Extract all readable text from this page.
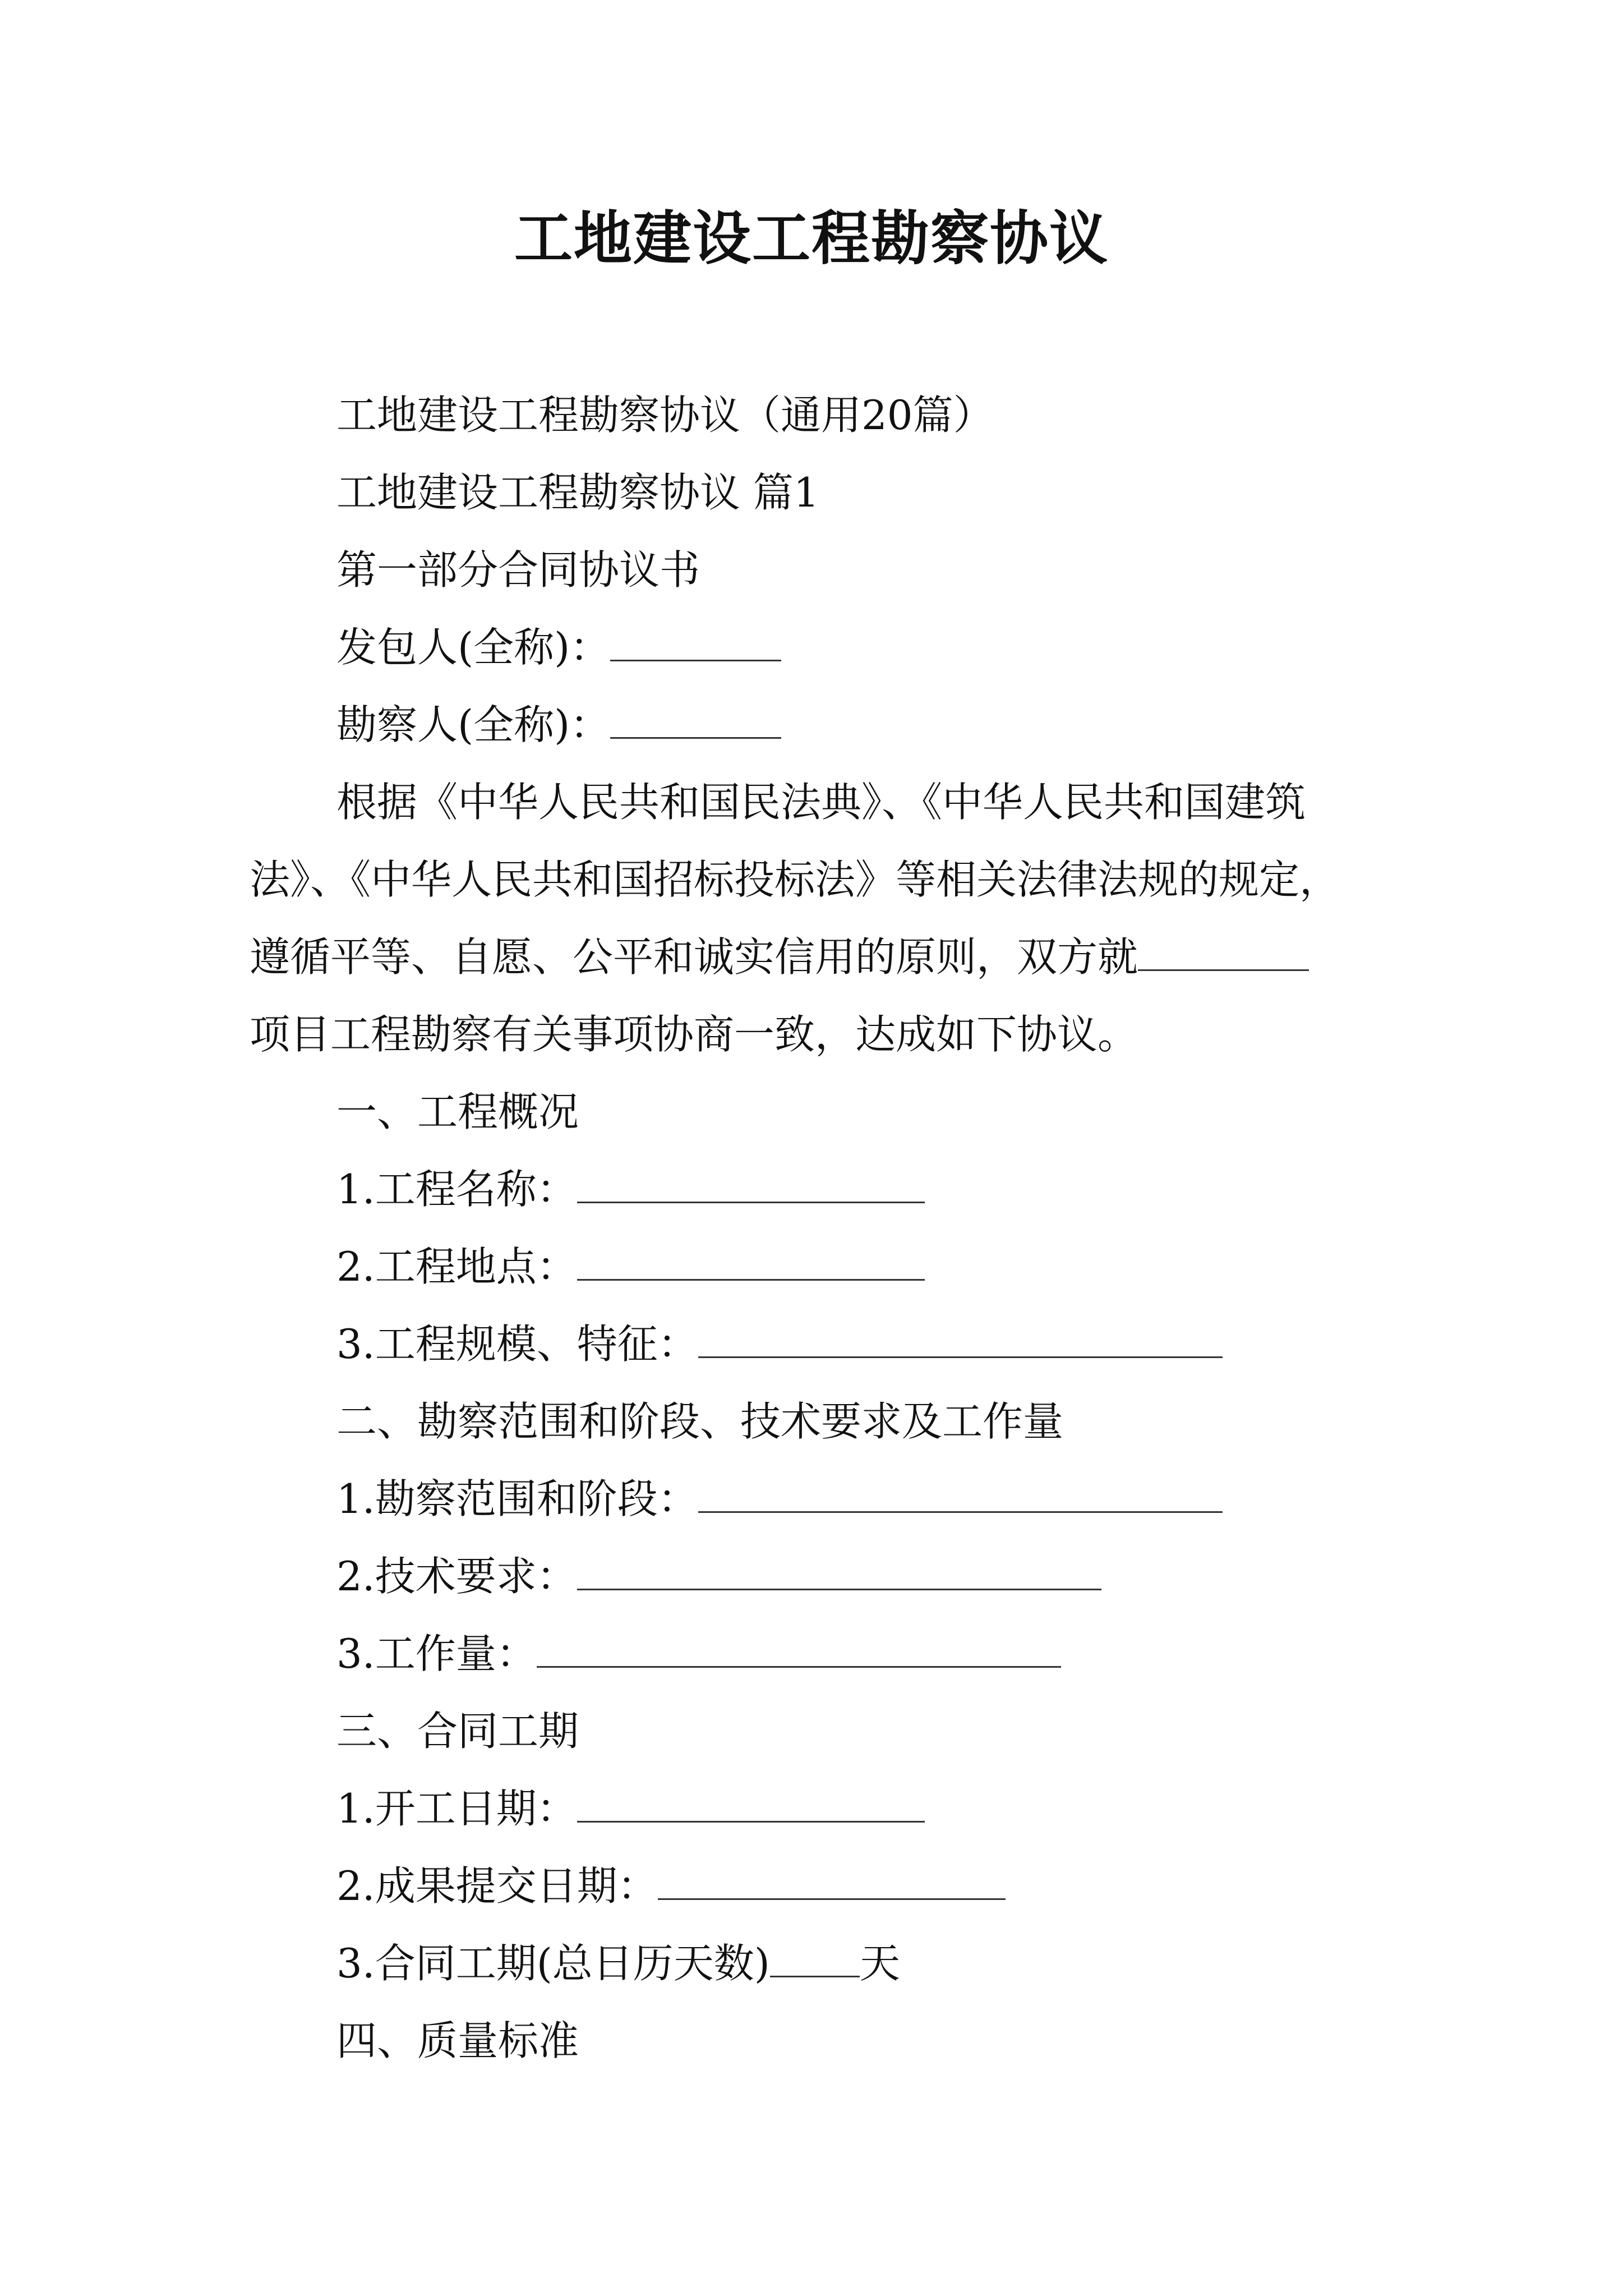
工地建设工程勘察协议

工地建设工程勘察协议（通用20篇）

工地建设工程勘察协议 篇1

第一部分合同协议书

发包人(全称)：

勘察人(全称)：

根据《中华人民共和国民法典》、《中华人民共和国建筑

法》、《中华人民共和国招标投标法》等相关法律法规的规定，

遵循平等、自愿、公平和诚实信用的原则，双方就

项目工程勘察有关事项协商一致，达成如下协议。

一、工程概况

1.工程名称：

2.工程地点：

3.工程规模、特征：

二、勘察范围和阶段、技术要求及工作量

1.勘察范围和阶段：

2.技术要求：

3.工作量：

三、合同工期

1.开工日期：

2.成果提交日期：

3.合同工期(总日历天数) 天

四、质量标准
